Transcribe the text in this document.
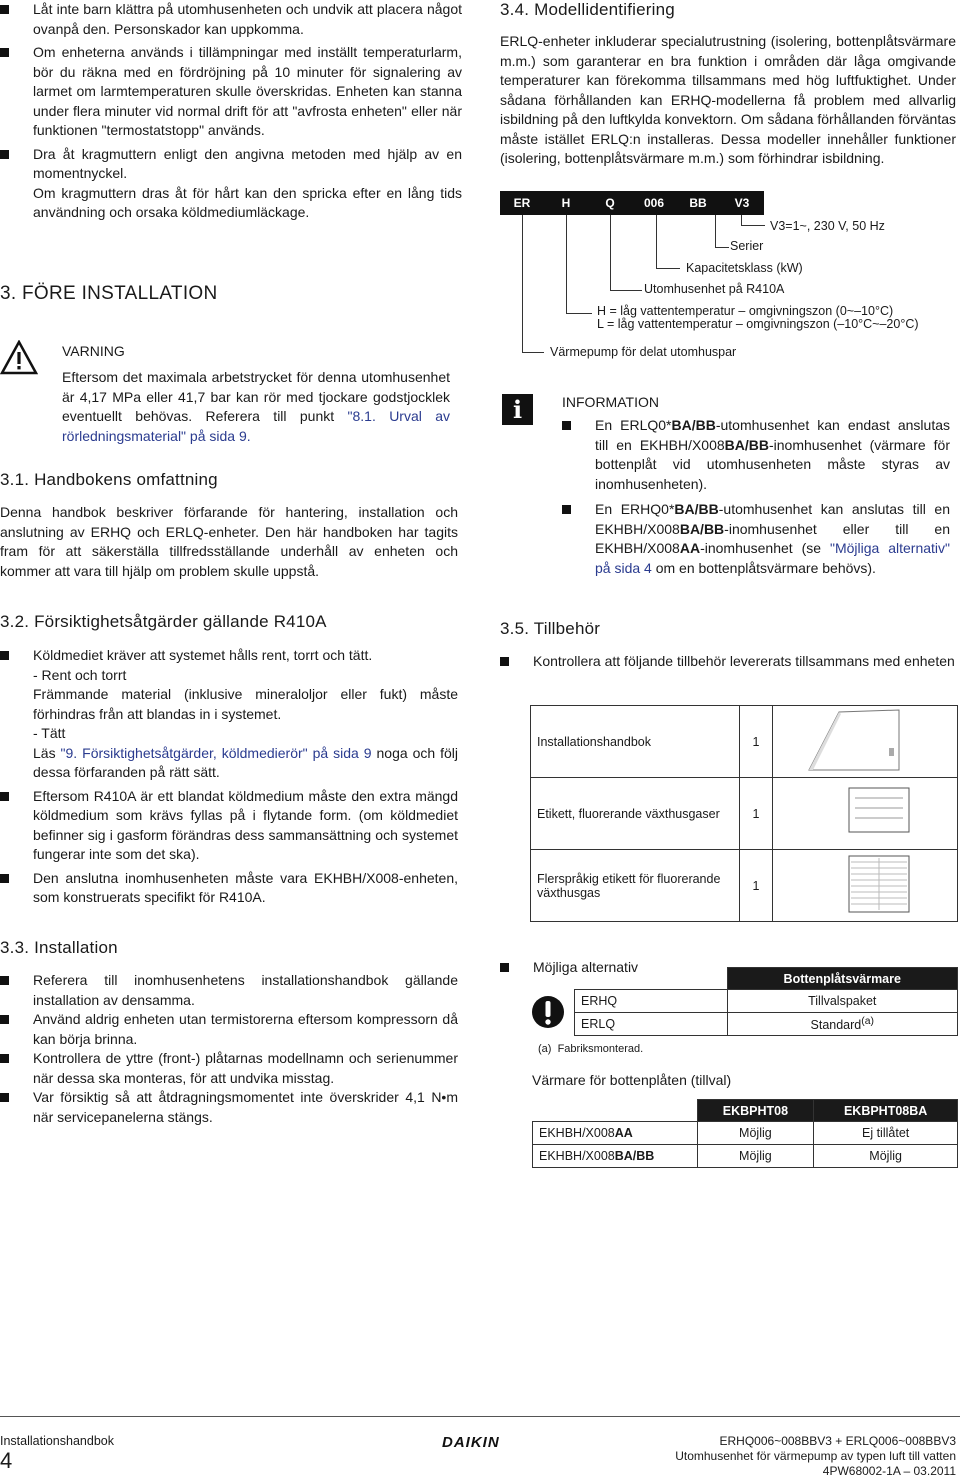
Låt inte barn klättra på utomhusenheten och undvik att placera något ovanpå den. Personskador kan uppkomma.
Om enheterna används i tillämpningar med inställt temperaturlarm, bör du räkna med en fördröjning på 10 minuter för signalering av larmet om larmtemperaturen skulle överskridas. Enheten kan stanna under flera minuter vid normal drift för att "avfrosta enheten" eller när funktionen "termostatstopp" används.
Dra åt kragmuttern enligt den angivna metoden med hjälp av en momentnyckel.
Om kragmuttern dras åt för hårt kan den spricka efter en lång tids användning och orsaka köldmediumläckage.
3. FÖRE INSTALLATION
VARNING

Eftersom det maximala arbetstrycket för denna utomhusenhet är 4,17 MPa eller 41,7 bar kan rör med tjockare godstjocklek eventuellt behövas. Referera till punkt "8.1. Urval av rörledningsmaterial" på sida 9.

3.1. Handbokens omfattning

Denna handbok beskriver förfarande för hantering, installation och anslutning av ERHQ och ERLQ-enheter. Den här handboken har tagits fram för att säkerställa tillfredsställande underhåll av enheten och kommer att vara till hjälp om problem skulle uppstå.

3.2. Försiktighetsåtgärder gällande R410A
Köldmediet kräver att systemet hålls rent, torrt och tätt.
- Rent och torrt
Främmande material (inklusive mineraloljor eller fukt) måste förhindras från att blandas in i systemet.
- Tätt
Läs "9. Försiktighetsåtgärder, köldmedierör" på sida 9 noga och följ dessa förfaranden på rätt sätt.
Eftersom R410A är ett blandat köldmedium måste den extra mängd köldmedium som krävs fyllas på i flytande form. (om köldmediet befinner sig i gasform förändras dess sammansättning och systemet fungerar inte som det ska).
Den anslutna inomhusenheten måste vara EKHBH/X008-enheten, som konstruerats specifikt för R410A.
3.3. Installation
Referera till inomhusenhetens installationshandbok gällande installation av densamma.
Använd aldrig enheten utan termistorerna eftersom kompressorn då kan börja brinna.
Kontrollera de yttre (front-) plåtarnas modellnamn och serienummer när dessa ska monteras, för att undvika misstag.
Var försiktig så att åtdragningsmomentet inte överskrider 4,1 N•m när servicepanelerna stängs.
3.4. Modellidentifiering

ERLQ-enheter inkluderar specialutrustning (isolering, bottenplåtsvärmare m.m.) som garanterar en bra funktion i områden där låga omgivande temperaturer kan förekomma tillsammans med hög luftfuktighet. Under sådana förhållanden kan ERHQ-modellerna få problem med allvarlig isbildning på den luftkylda konvektorn. Om sådana förhållanden förväntas måste istället ERLQ:n installeras. Dessa modeller innehåller funktioner (isolering, bottenplåtsvärmare m.m.) som förhindrar isbildning.

ER	H	Q	006	BB	V3
V3=1~, 230 V, 50 Hz
Serier
Kapacitetsklass (kW)
Utomhusenhet på R410A
H = låg vattentemperatur – omgivningszon (0~–10°C)
L = låg vattentemperatur – omgivningszon (–10°C~–20°C)
Värmepump för delat utomhuspar
i	INFORMATION
En ERLQ0*BA/BB-utomhusenhet kan endast anslutas till en EKHBH/X008BA/BB-inomhusenhet (värmare för bottenplåt vid utomhusenheten måste styras av inomhusenheten).
En ERHQ0*BA/BB-utomhusenhet kan anslutas till en EKHBH/X008BA/BB-inomhusenhet eller till en EKHBH/X008AA-inomhusenhet (se "Möjliga alternativ" på sida 4 om en bottenplåtsvärmare behövs).
3.5. Tillbehör
Kontrollera att följande tillbehör levererats tillsammans med enheten
Installationshandbok	1	
Etikett, fluorerande växthusgaser	1	
Flerspråkig etikett för fluorerande växthusgas	1	
Möjliga alternativ
	Bottenplåtsvärmare
ERHQ	Tillvalspaket
ERLQ	Standard$^{(a)}$
(a) Fabriksmonterad.
Värmare för bottenplåten (tillval)
	EKBPHT08	EKBPHT08BA
EKHBH/X008AA	Möjlig	Ej tillåtet
EKHBH/X008BA/BB	Möjlig	Möjlig
Installationshandbok
4
DAIKIN	ERHQ006~008BBV3 + ERLQ006~008BBV3
Utomhusenhet för värmepump av typen luft till vatten
4PW68002-1A – 03.2011
